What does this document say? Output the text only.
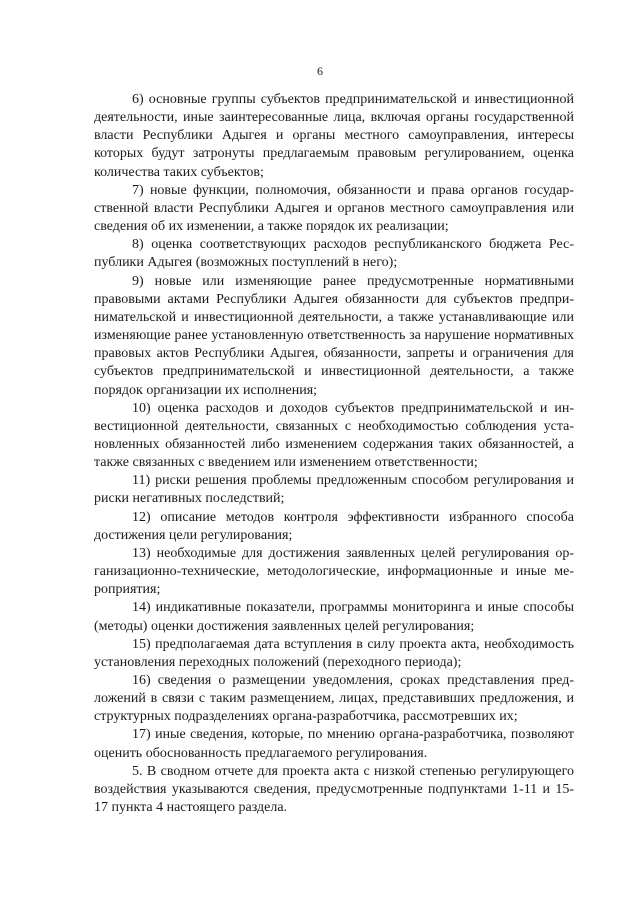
6

6) основные группы субъектов предпринимательской и инвестиционной деятельности, иные заинтересованные лица, включая органы государственной власти Республики Адыгея и органы местного самоуправления, интересы которых будут затронуты предлагаемым правовым регулированием, оценка количества таких субъектов;

7) новые функции, полномочия, обязанности и права органов государственной власти Республики Адыгея и органов местного самоуправления или сведения об их изменении, а также порядок их реализации;

8) оценка соответствующих расходов республиканского бюджета Республики Адыгея (возможных поступлений в него);

9) новые или изменяющие ранее предусмотренные нормативными правовыми актами Республики Адыгея обязанности для субъектов предпринимательской и инвестиционной деятельности, а также устанавливающие или изменяющие ранее установленную ответственность за нарушение нормативных правовых актов Республики Адыгея, обязанности, запреты и ограничения для субъектов предпринимательской и инвестиционной деятельности, а также порядок организации их исполнения;

10) оценка расходов и доходов субъектов предпринимательской и инвестиционной деятельности, связанных с необходимостью соблюдения установленных обязанностей либо изменением содержания таких обязанностей, а также связанных с введением или изменением ответственности;

11) риски решения проблемы предложенным способом регулирования и риски негативных последствий;

12) описание методов контроля эффективности избранного способа достижения цели регулирования;

13) необходимые для достижения заявленных целей регулирования организационно-технические, методологические, информационные и иные мероприятия;

14) индикативные показатели, программы мониторинга и иные способы (методы) оценки достижения заявленных целей регулирования;

15) предполагаемая дата вступления в силу проекта акта, необходимость установления переходных положений (переходного периода);

16) сведения о размещении уведомления, сроках представления предложений в связи с таким размещением, лицах, представивших предложения, и структурных подразделениях органа-разработчика, рассмотревших их;

17) иные сведения, которые, по мнению органа-разработчика, позволяют оценить обоснованность предлагаемого регулирования.

5. В сводном отчете для проекта акта с низкой степенью регулирующего воздействия указываются сведения, предусмотренные подпунктами 1-11 и 15-17 пункта 4 настоящего раздела.
